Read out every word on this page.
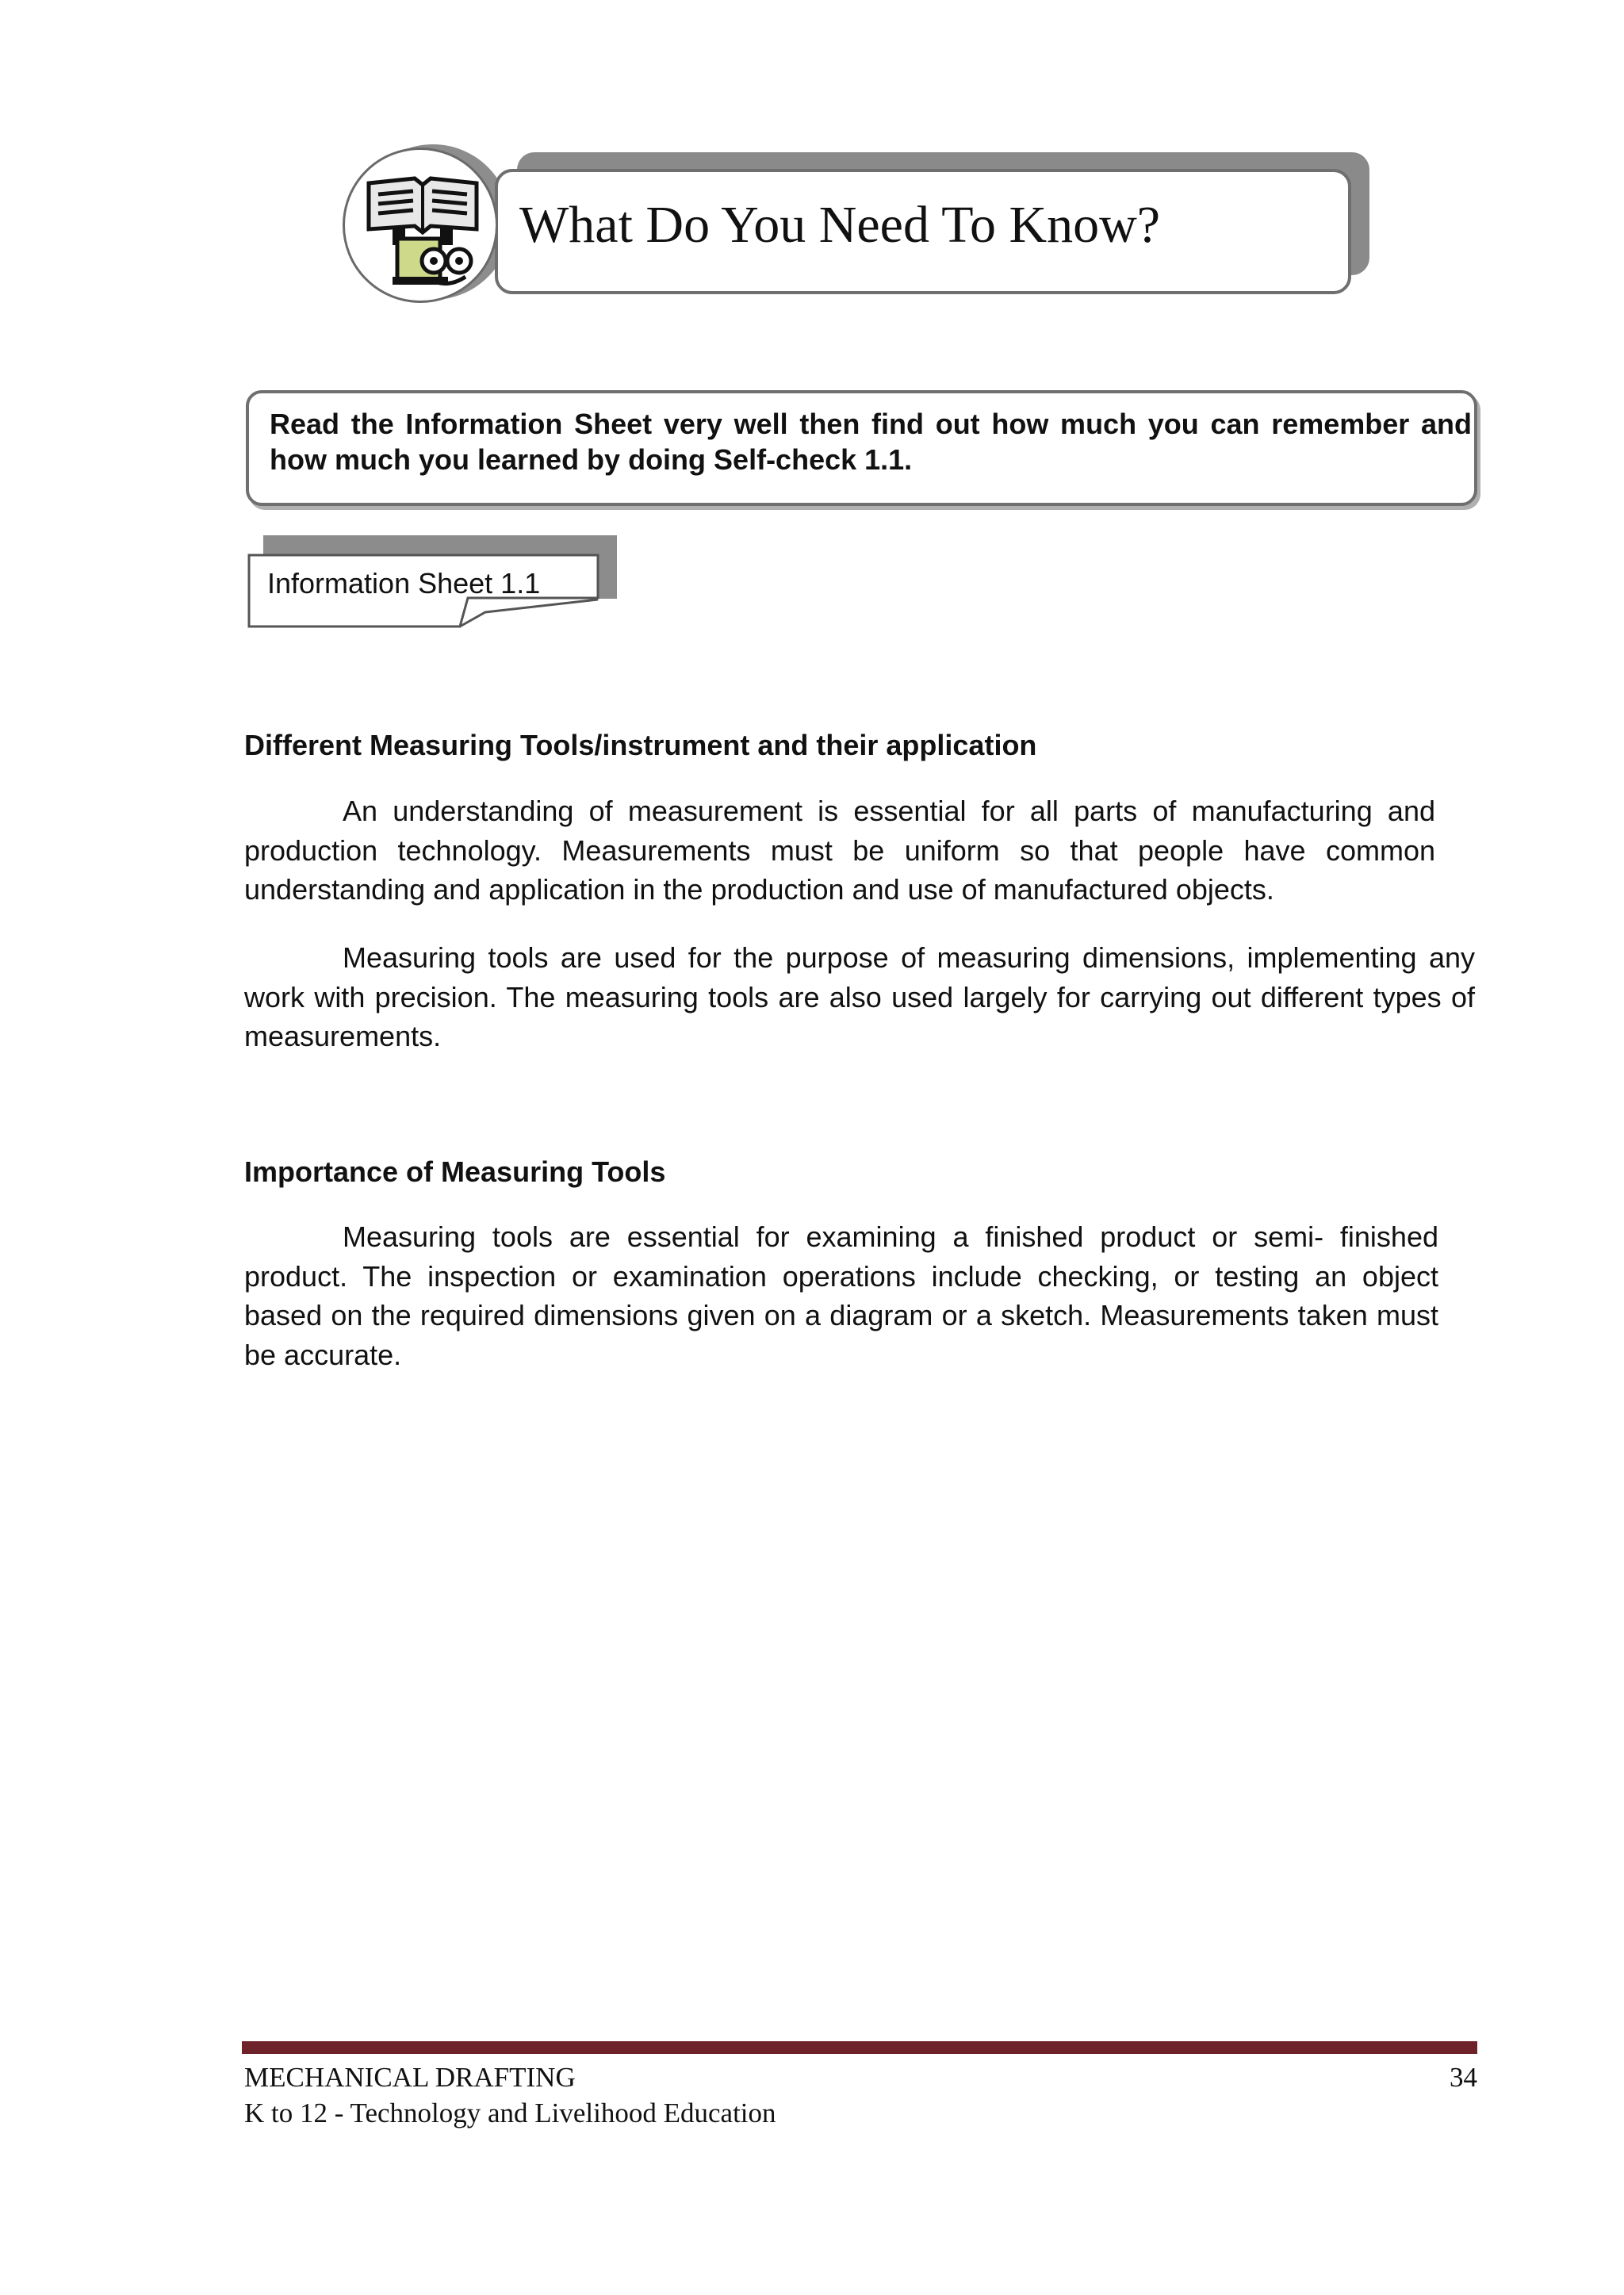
What Do You Need To Know?
Read the Information Sheet very well then find out how much you can remember and how much you learned by doing Self-check 1.1.
Information Sheet 1.1
Different Measuring Tools/instrument and their application
An understanding of measurement is essential for all parts of manufacturing and production technology. Measurements must be uniform so that people have common understanding and application in the production and use of manufactured objects.
Measuring tools are used for the purpose of measuring dimensions, implementing any work with precision. The measuring tools are also used largely for carrying out different types of measurements.
Importance of Measuring Tools
Measuring tools are essential for examining a finished product or semi- finished product. The inspection or examination operations include checking, or testing an object based on the required dimensions given on a diagram or a sketch. Measurements taken must be accurate.
MECHANICAL DRAFTING
K to 12 - Technology and Livelihood Education
34
